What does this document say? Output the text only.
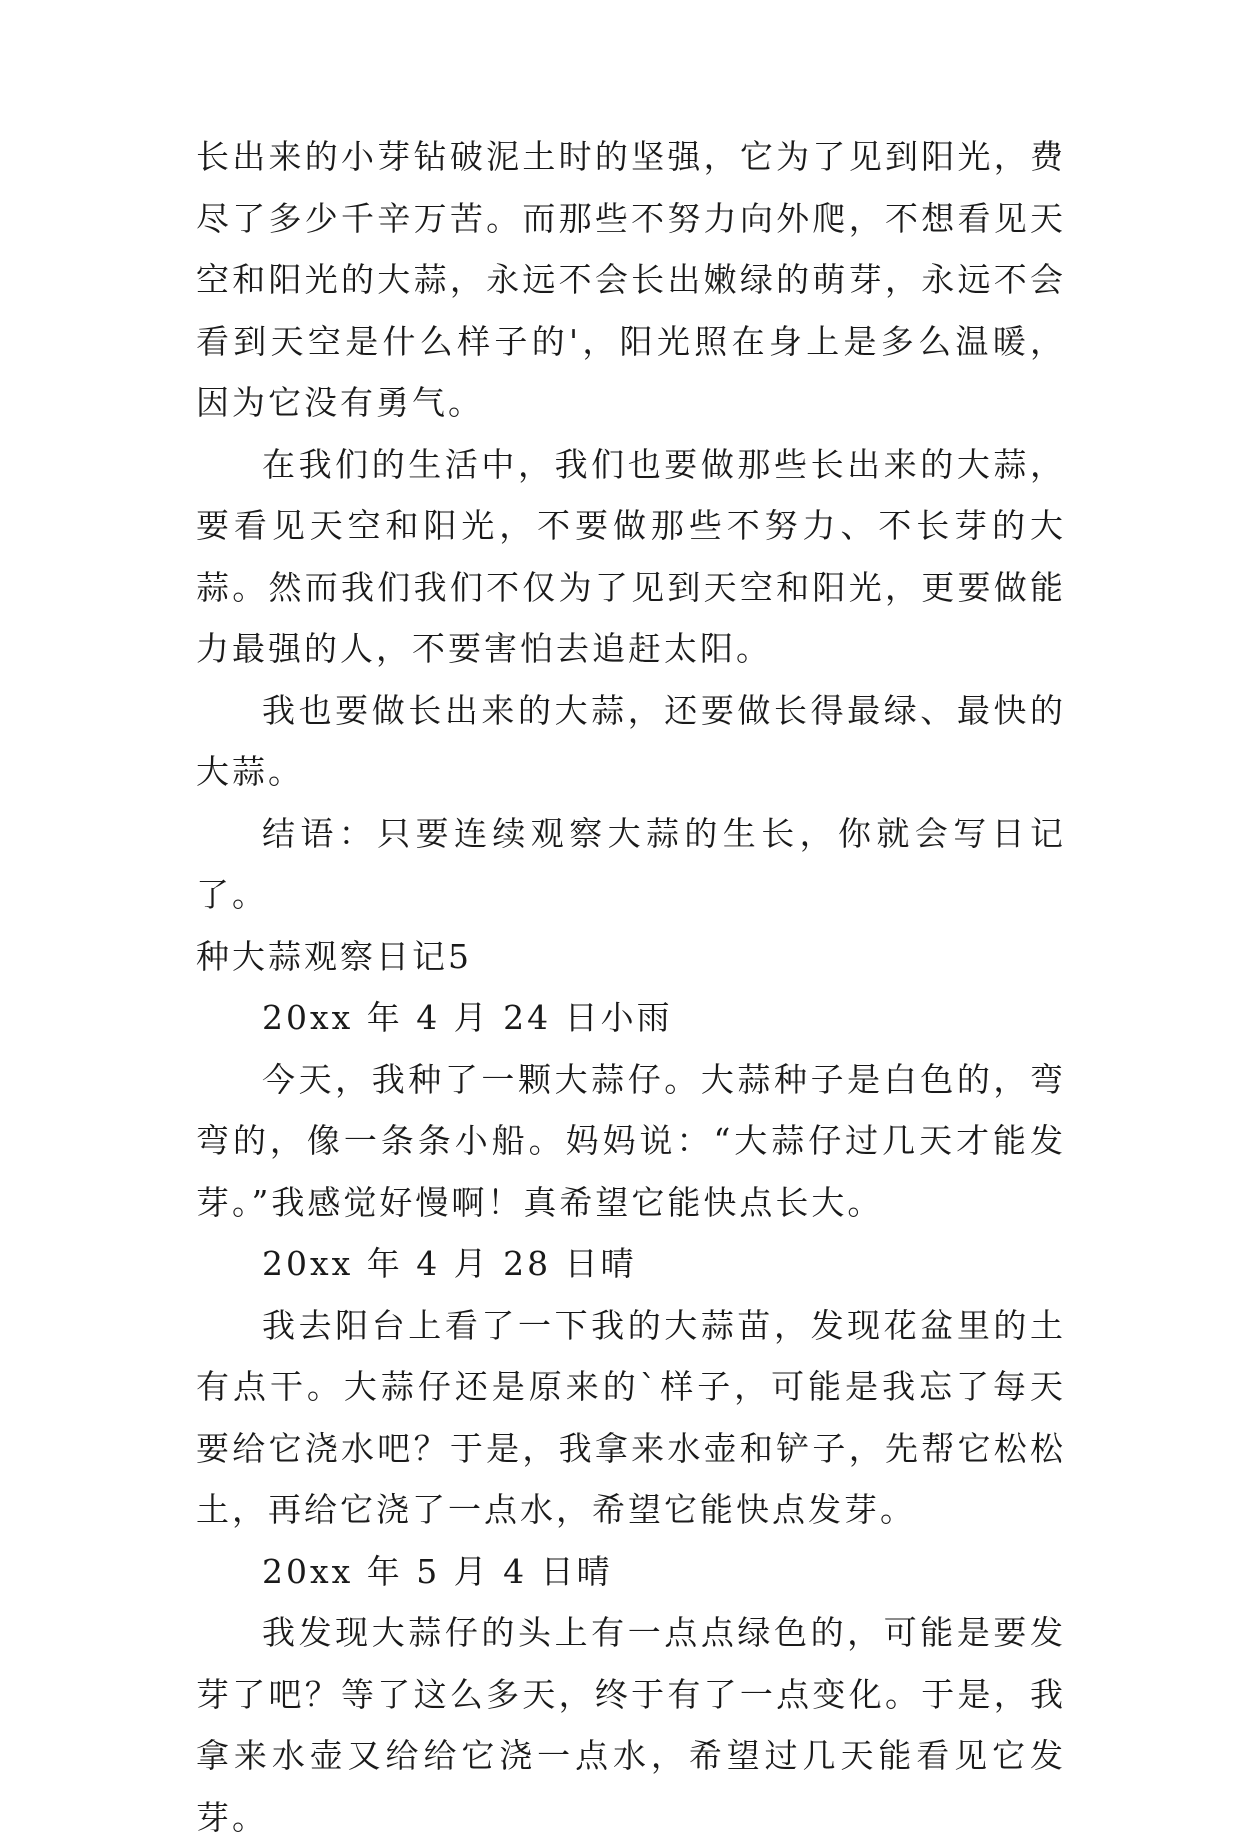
长出来的小芽钻破泥土时的坚强，它为了见到阳光，费尽了多少千辛万苦。而那些不努力向外爬，不想看见天空和阳光的大蒜，永远不会长出嫩绿的萌芽，永远不会看到天空是什么样子的'，阳光照在身上是多么温暖，因为它没有勇气。

在我们的生活中，我们也要做那些长出来的大蒜，要看见天空和阳光，不要做那些不努力、不长芽的大蒜。然而我们我们不仅为了见到天空和阳光，更要做能力最强的人，不要害怕去追赶太阳。

我也要做长出来的大蒜，还要做长得最绿、最快的大蒜。

结语：只要连续观察大蒜的生长，你就会写日记了。

种大蒜观察日记5

20xx 年 4 月 24 日小雨

今天，我种了一颗大蒜仔。大蒜种子是白色的，弯弯的，像一条条小船。妈妈说：“大蒜仔过几天才能发芽。”我感觉好慢啊！真希望它能快点长大。

20xx 年 4 月 28 日晴

我去阳台上看了一下我的大蒜苗，发现花盆里的土有点干。大蒜仔还是原来的`样子，可能是我忘了每天要给它浇水吧？于是，我拿来水壶和铲子，先帮它松松土，再给它浇了一点水，希望它能快点发芽。

20xx 年 5 月 4 日晴

我发现大蒜仔的头上有一点点绿色的，可能是要发芽了吧？等了这么多天，终于有了一点变化。于是，我拿来水壶又给给它浇一点水，希望过几天能看见它发芽。
